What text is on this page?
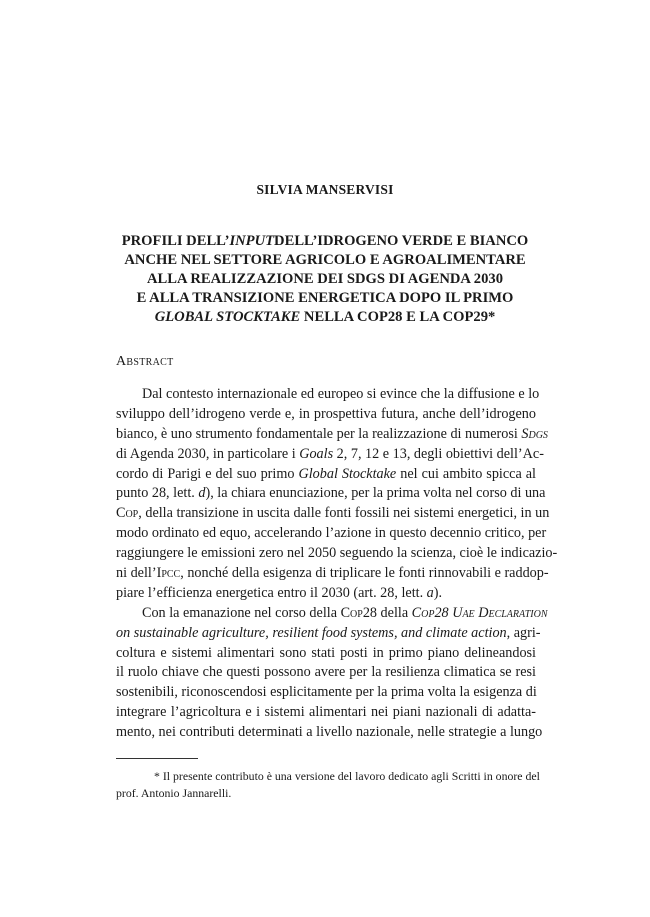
SILVIA MANSERVISI
PROFILI DELL’INPUTDELL’IDROGENO VERDE E BIANCO
ANCHE NEL SETTORE AGRICOLO E AGROALIMENTARE
ALLA REALIZZAZIONE DEI SDGS DI AGENDA 2030
E ALLA TRANSIZIONE ENERGETICA DOPO IL PRIMO
GLOBAL STOCKTAKE NELLA COP28 E LA COP29*
Abstract
Dal contesto internazionale ed europeo si evince che la diffusione e lo
sviluppo dell’idrogeno verde e, in prospettiva futura, anche dell’idrogeno
bianco, è uno strumento fondamentale per la realizzazione di numerosi Sdgs
di Agenda 2030, in particolare i Goals 2, 7, 12 e 13, degli obiettivi dell’Ac-
cordo di Parigi e del suo primo Global Stocktake nel cui ambito spicca al
punto 28, lett. d), la chiara enunciazione, per la prima volta nel corso di una
Cop, della transizione in uscita dalle fonti fossili nei sistemi energetici, in un
modo ordinato ed equo, accelerando l’azione in questo decennio critico, per
raggiungere le emissioni zero nel 2050 seguendo la scienza, cioè le indicazio-
ni dell’Ipcc, nonché della esigenza di triplicare le fonti rinnovabili e raddop-
piare l’efficienza energetica entro il 2030 (art. 28, lett. a).
Con la emanazione nel corso della Cop28 della Cop28 Uae Declaration
on sustainable agriculture, resilient food systems, and climate action, agri-
coltura e sistemi alimentari sono stati posti in primo piano delineandosi
il ruolo chiave che questi possono avere per la resilienza climatica se resi
sostenibili, riconoscendosi esplicitamente per la prima volta la esigenza di
integrare l’agricoltura e i sistemi alimentari nei piani nazionali di adatta-
mento, nei contributi determinati a livello nazionale, nelle strategie a lungo
* Il presente contributo è una versione del lavoro dedicato agli Scritti in onore del
prof. Antonio Jannarelli.
